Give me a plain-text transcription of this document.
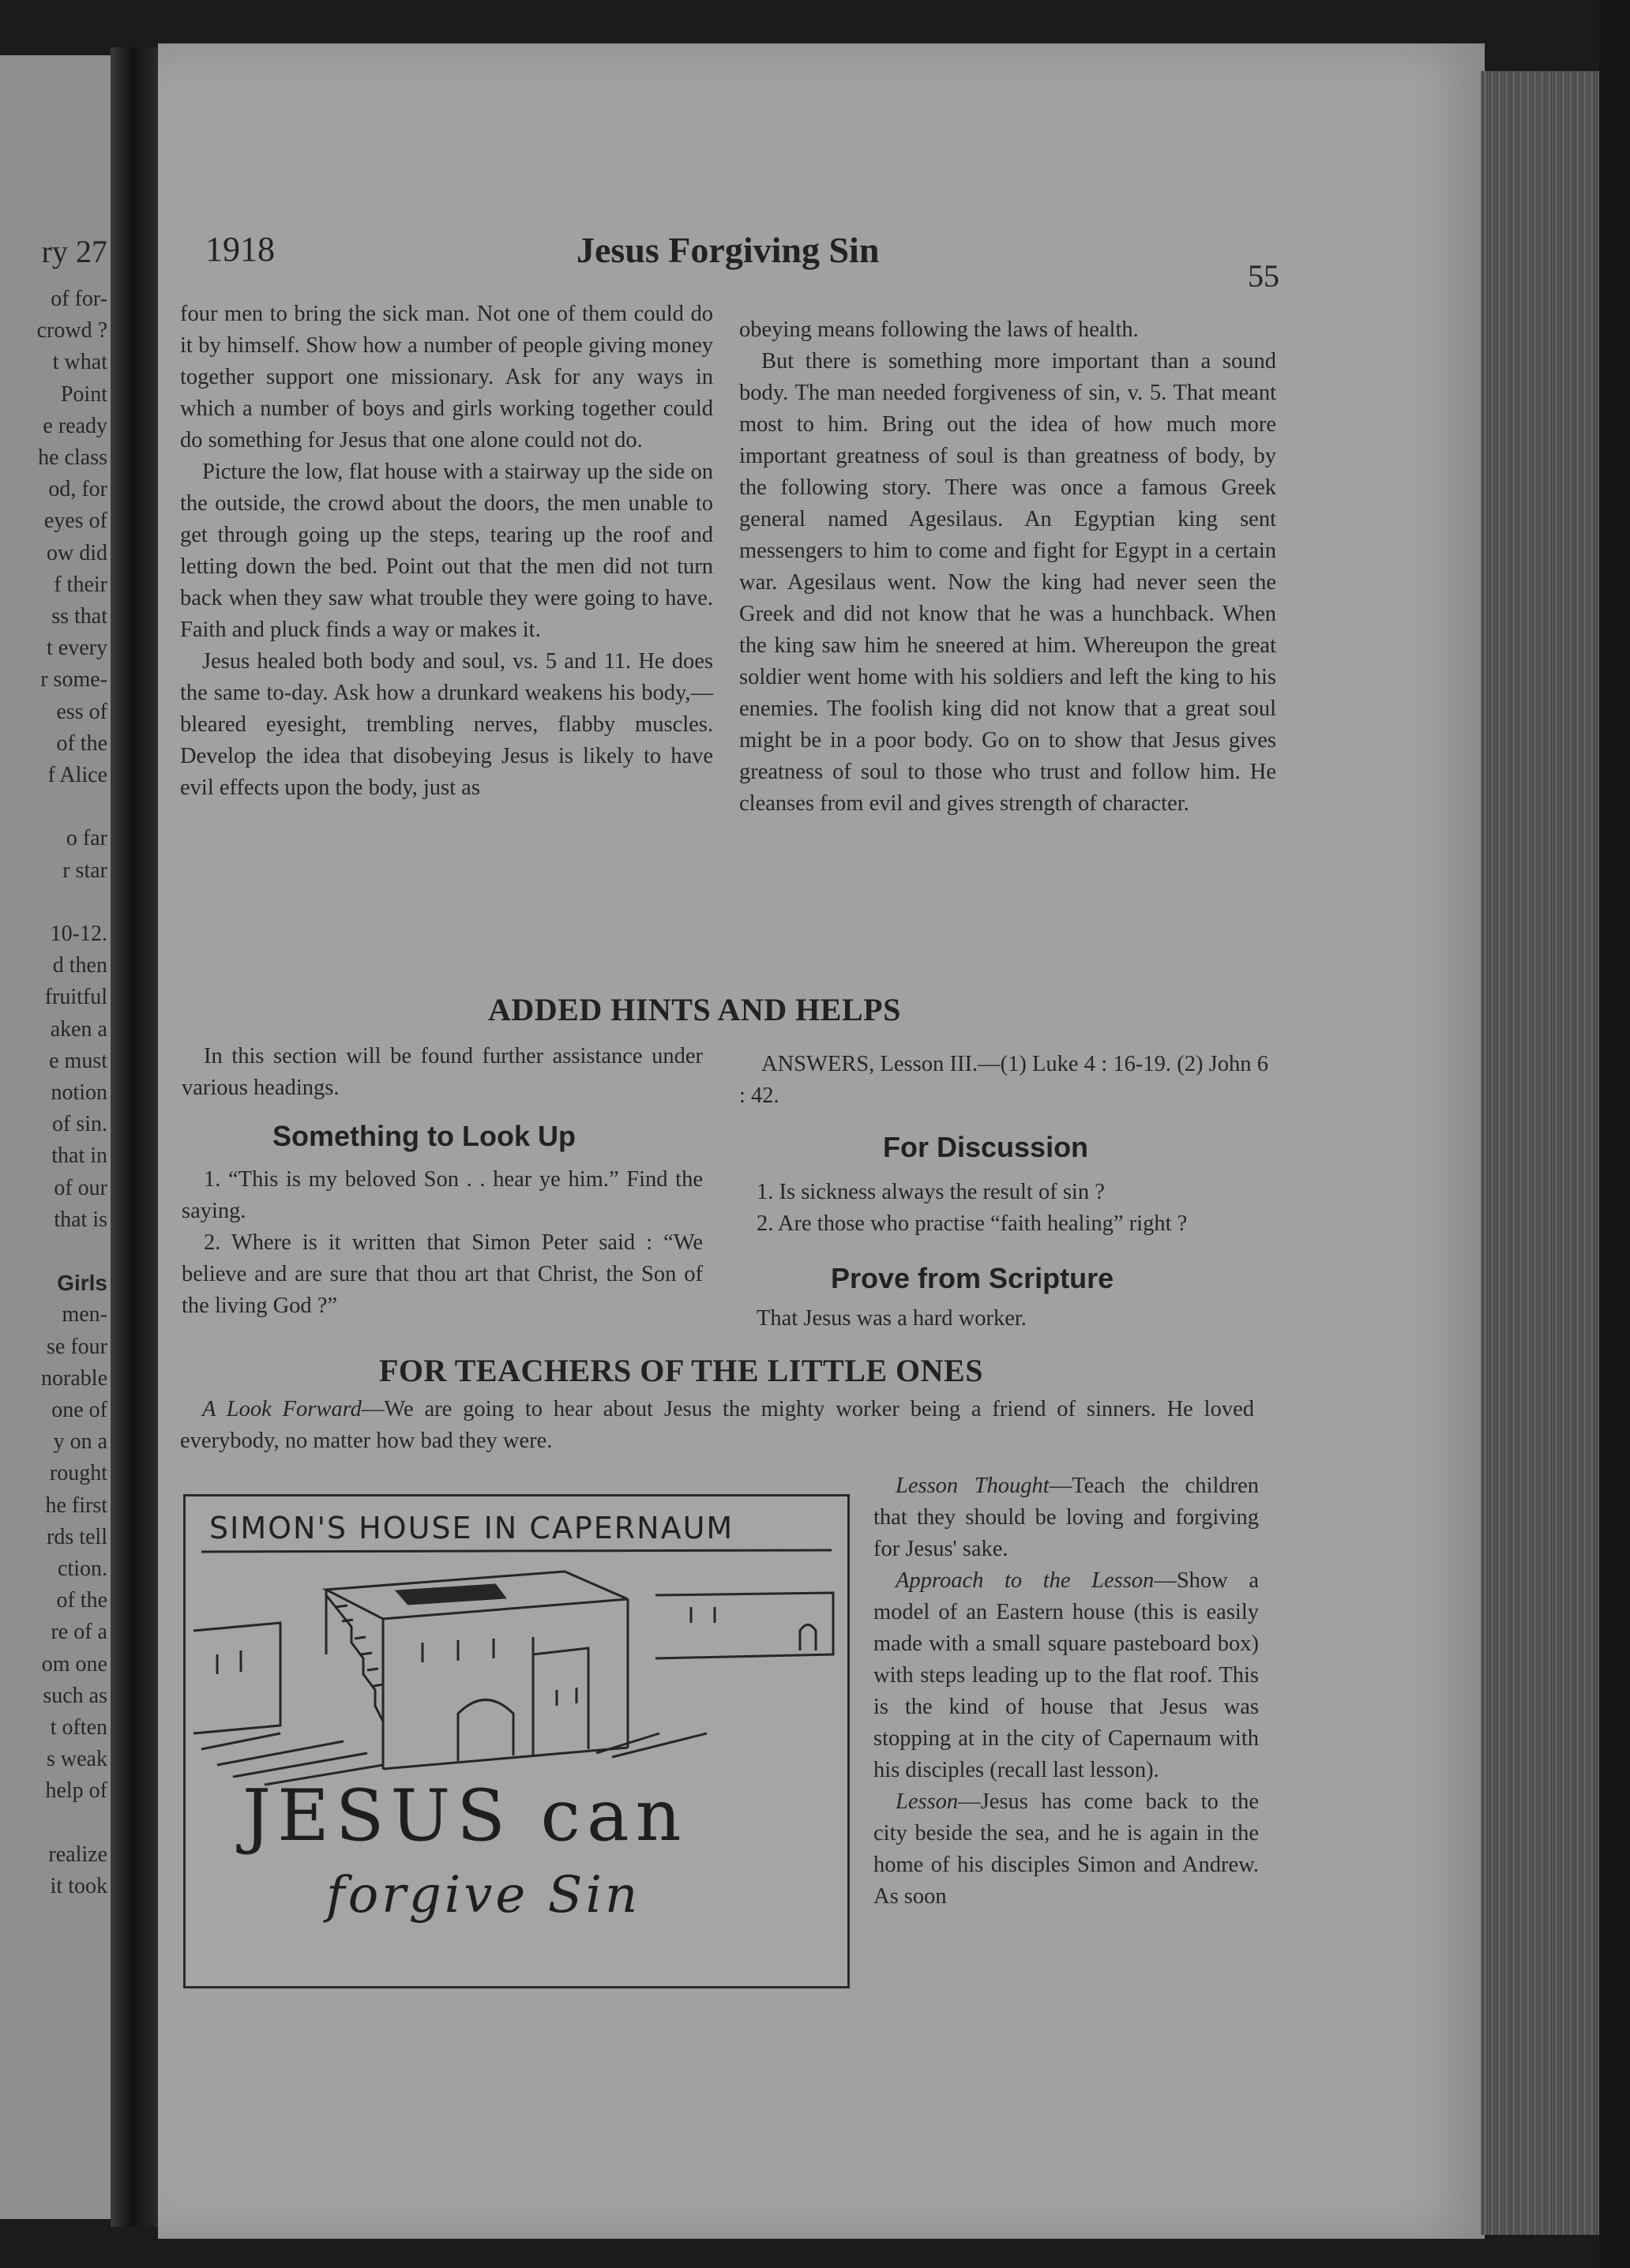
ry 27
of for-
crowd ?
t what
Point
e ready
he class
od, for
eyes of
ow did
f their
ss that
t every
r some-
ess of
of the
f Alice
o far
r star
10-12.
d then
fruitful
aken a
e must
notion
of sin.
that in
of our
that is
Girls
men-
se four
norable
one of
y on a
rought
he first
rds tell
ction.
of the
re of a
om one
such as
t often
s weak
help of
realize
it took
1918	Jesus Forgiving Sin
55

four men to bring the sick man. Not one of them could do it by himself. Show how a number of people giving money together support one missionary. Ask for any ways in which a number of boys and girls working together could do something for Jesus that one alone could not do.

Picture the low, flat house with a stairway up the side on the outside, the crowd about the doors, the men unable to get through going up the steps, tearing up the roof and letting down the bed. Point out that the men did not turn back when they saw what trouble they were going to have. Faith and pluck finds a way or makes it.

Jesus healed both body and soul, vs. 5 and 11. He does the same to-day. Ask how a drunkard weakens his body,—bleared eyesight, trembling nerves, flabby muscles. Develop the idea that disobeying Jesus is likely to have evil effects upon the body, just as

obeying means following the laws of health.

But there is something more important than a sound body. The man needed forgiveness of sin, v. 5. That meant most to him. Bring out the idea of how much more important greatness of soul is than greatness of body, by the following story. There was once a famous Greek general named Agesilaus. An Egyptian king sent messengers to him to come and fight for Egypt in a certain war. Agesilaus went. Now the king had never seen the Greek and did not know that he was a hunchback. When the king saw him he sneered at him. Whereupon the great soldier went home with his soldiers and left the king to his enemies. The foolish king did not know that a great soul might be in a poor body. Go on to show that Jesus gives greatness of soul to those who trust and follow him. He cleanses from evil and gives strength of character.

ADDED HINTS AND HELPS

In this section will be found further assistance under various headings.

ANSWERS, Lesson III.—(1) Luke 4 : 16-19. (2) John 6 : 42.

Something to Look Up

1. “This is my beloved Son . . hear ye him.” Find the saying.

2. Where is it written that Simon Peter said : “We believe and are sure that thou art that Christ, the Son of the living God ?”

For Discussion

1. Is sickness always the result of sin ?

2. Are those who practise “faith healing” right ?

Prove from Scripture

That Jesus was a hard worker.

FOR TEACHERS OF THE LITTLE ONES

A Look Forward—We are going to hear about Jesus the mighty worker being a friend of sinners. He loved everybody, no matter how bad they were.

SIMON'S HOUSE IN CAPERNAUM
JESUS can
forgive Sin

Lesson Thought—Teach the children that they should be loving and forgiving for Jesus' sake.

Approach to the Lesson—Show a model of an Eastern house (this is easily made with a small square pasteboard box) with steps leading up to the flat roof. This is the kind of house that Jesus was stopping at in the city of Capernaum with his disciples (recall last lesson).

Lesson—Jesus has come back to the city beside the sea, and he is again in the home of his disciples Simon and Andrew. As soon
